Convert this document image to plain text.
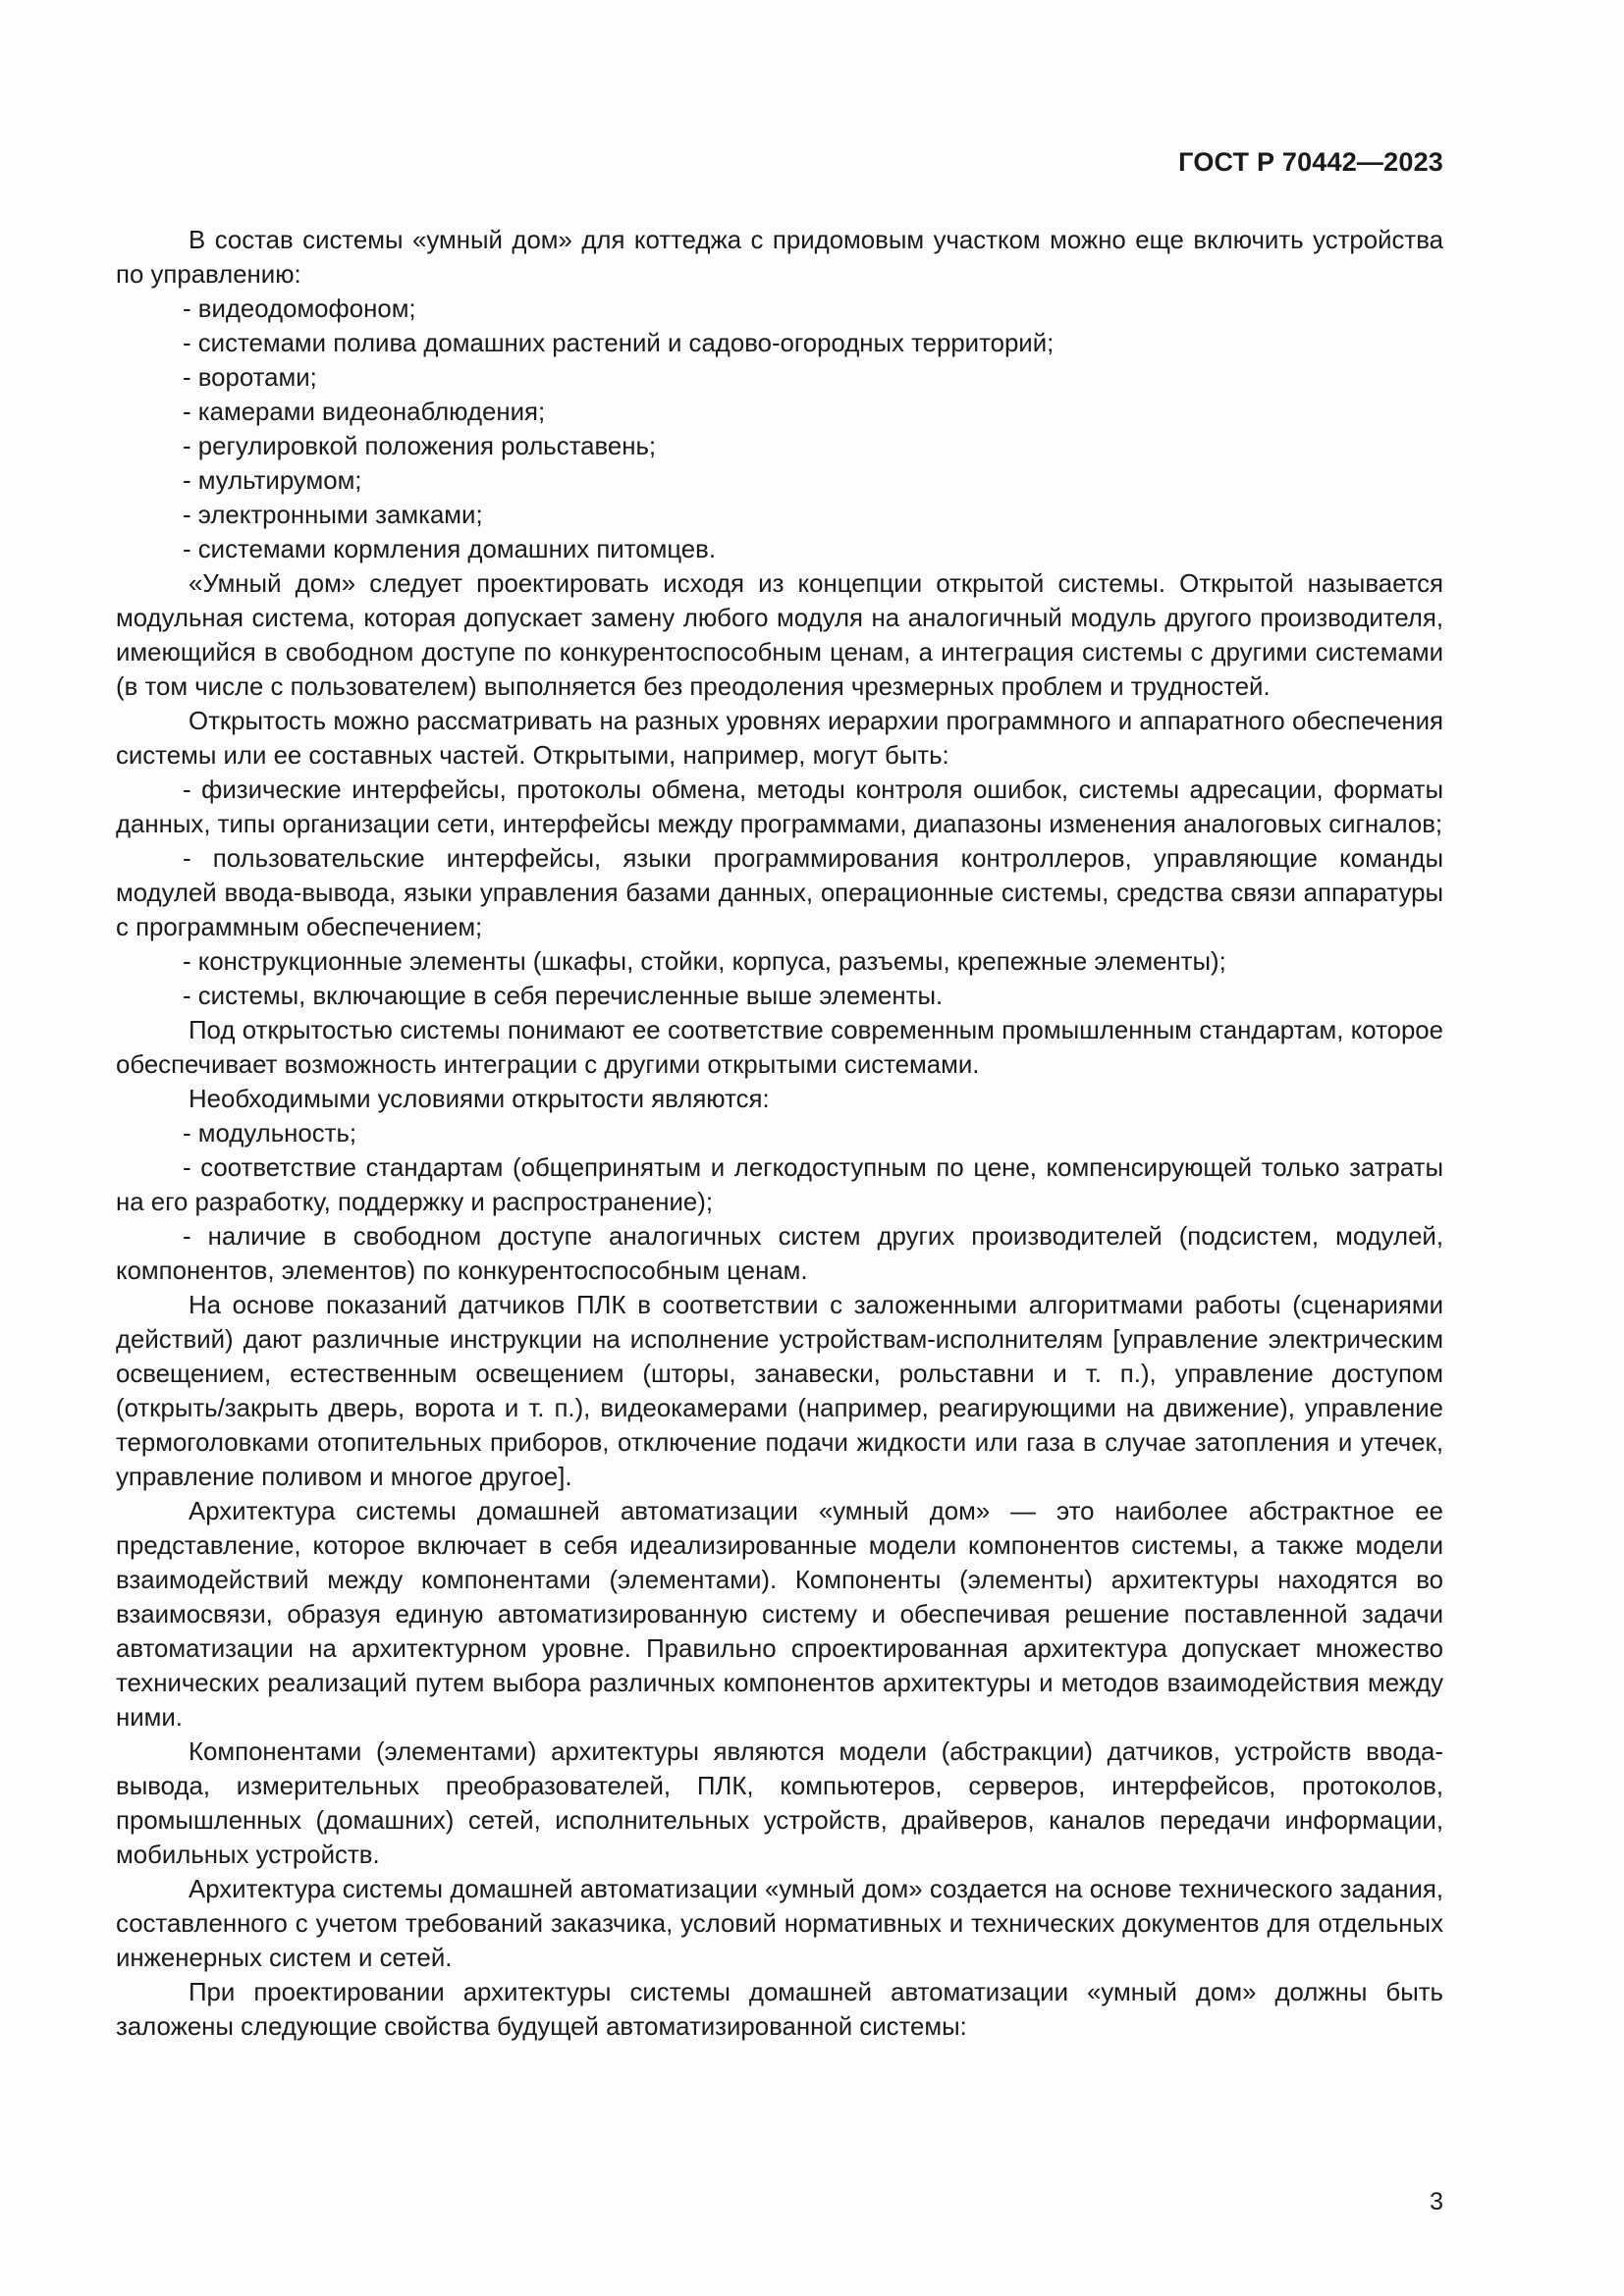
ГОСТ Р 70442—2023

В состав системы «умный дом» для коттеджа с придомовым участком можно еще включить устройства по управлению:

- видеодомофоном;

- системами полива домашних растений и садово-огородных территорий;

- воротами;

- камерами видеонаблюдения;

- регулировкой положения рольставень;

- мультирумом;

- электронными замками;

- системами кормления домашних питомцев.

«Умный дом» следует проектировать исходя из концепции открытой системы. Открытой называется модульная система, которая допускает замену любого модуля на аналогичный модуль другого производителя, имеющийся в свободном доступе по конкурентоспособным ценам, а интеграция системы с другими системами (в том числе с пользователем) выполняется без преодоления чрезмерных проблем и трудностей.

Открытость можно рассматривать на разных уровнях иерархии программного и аппаратного обеспечения системы или ее составных частей. Открытыми, например, могут быть:

- физические интерфейсы, протоколы обмена, методы контроля ошибок, системы адресации, форматы данных, типы организации сети, интерфейсы между программами, диапазоны изменения аналоговых сигналов;

- пользовательские интерфейсы, языки программирования контроллеров, управляющие команды модулей ввода-вывода, языки управления базами данных, операционные системы, средства связи аппаратуры с программным обеспечением;

- конструкционные элементы (шкафы, стойки, корпуса, разъемы, крепежные элементы);

- системы, включающие в себя перечисленные выше элементы.

Под открытостью системы понимают ее соответствие современным промышленным стандартам, которое обеспечивает возможность интеграции с другими открытыми системами.

Необходимыми условиями открытости являются:

- модульность;

- соответствие стандартам (общепринятым и легкодоступным по цене, компенсирующей только затраты на его разработку, поддержку и распространение);

- наличие в свободном доступе аналогичных систем других производителей (подсистем, модулей, компонентов, элементов) по конкурентоспособным ценам.

На основе показаний датчиков ПЛК в соответствии с заложенными алгоритмами работы (сценариями действий) дают различные инструкции на исполнение устройствам-исполнителям [управление электрическим освещением, естественным освещением (шторы, занавески, рольставни и т. п.), управление доступом (открыть/закрыть дверь, ворота и т. п.), видеокамерами (например, реагирующими на движение), управление термоголовками отопительных приборов, отключение подачи жидкости или газа в случае затопления и утечек, управление поливом и многое другое].

Архитектура системы домашней автоматизации «умный дом» — это наиболее абстрактное ее представление, которое включает в себя идеализированные модели компонентов системы, а также модели взаимодействий между компонентами (элементами). Компоненты (элементы) архитектуры находятся во взаимосвязи, образуя единую автоматизированную систему и обеспечивая решение поставленной задачи автоматизации на архитектурном уровне. Правильно спроектированная архитектура допускает множество технических реализаций путем выбора различных компонентов архитектуры и методов взаимодействия между ними.

Компонентами (элементами) архитектуры являются модели (абстракции) датчиков, устройств ввода-вывода, измерительных преобразователей, ПЛК, компьютеров, серверов, интерфейсов, протоколов, промышленных (домашних) сетей, исполнительных устройств, драйверов, каналов передачи информации, мобильных устройств.

Архитектура системы домашней автоматизации «умный дом» создается на основе технического задания, составленного с учетом требований заказчика, условий нормативных и технических документов для отдельных инженерных систем и сетей.

При проектировании архитектуры системы домашней автоматизации «умный дом» должны быть заложены следующие свойства будущей автоматизированной системы:

3
